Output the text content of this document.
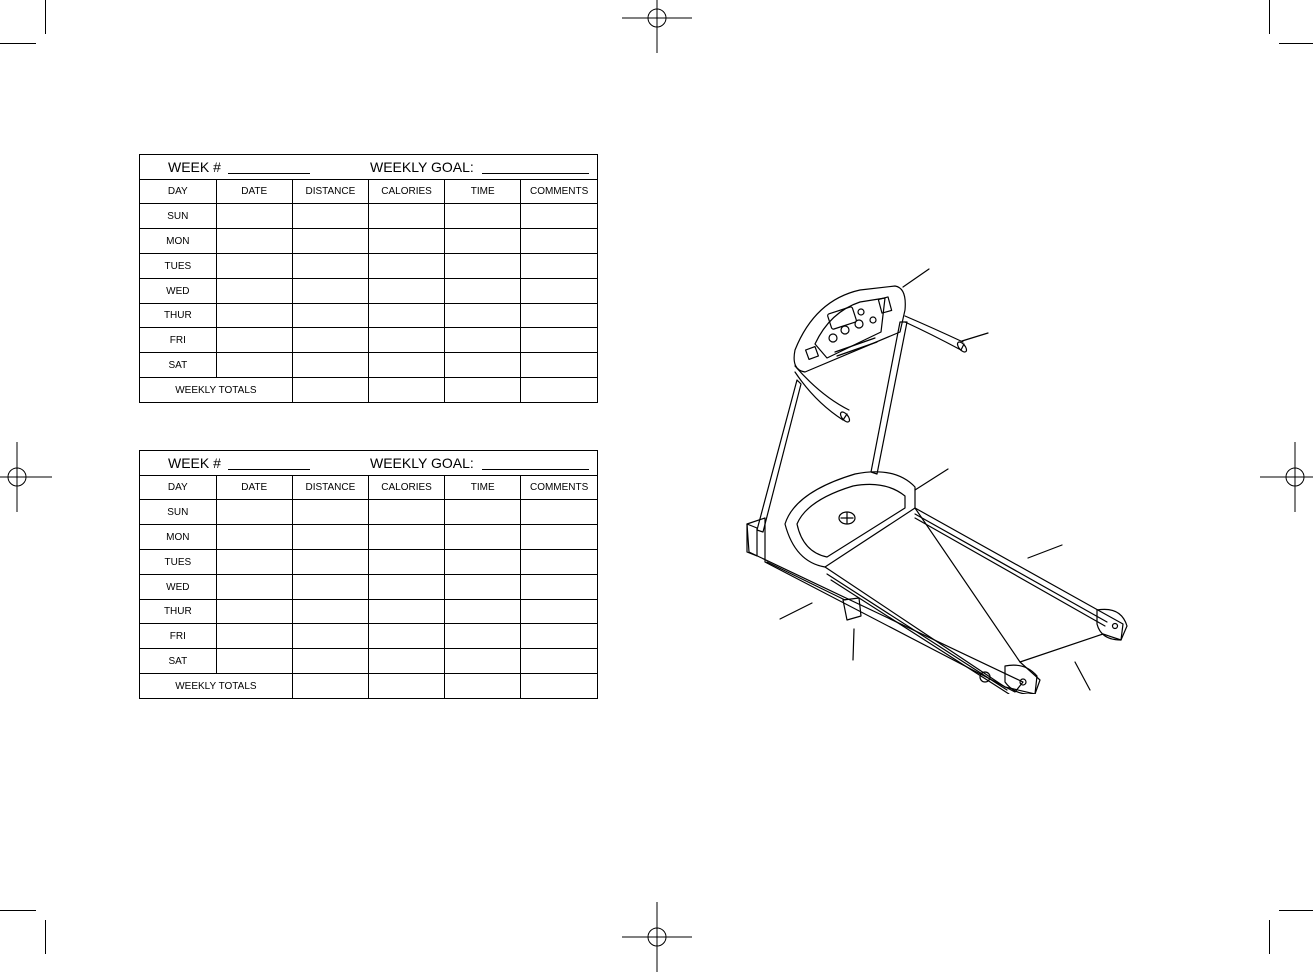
WEEK # WEEKLY GOAL:					

DAY	DATE	DISTANCE	CALORIES	TIME	COMMENTS
SUN					
MON					
TUES					
WED					
THUR					
FRI					
SAT					
WEEKLY TOTALS					
WEEK # WEEKLY GOAL:					

DAY	DATE	DISTANCE	CALORIES	TIME	COMMENTS
SUN					
MON					
TUES					
WED					
THUR					
FRI					
SAT					
WEEKLY TOTALS					
